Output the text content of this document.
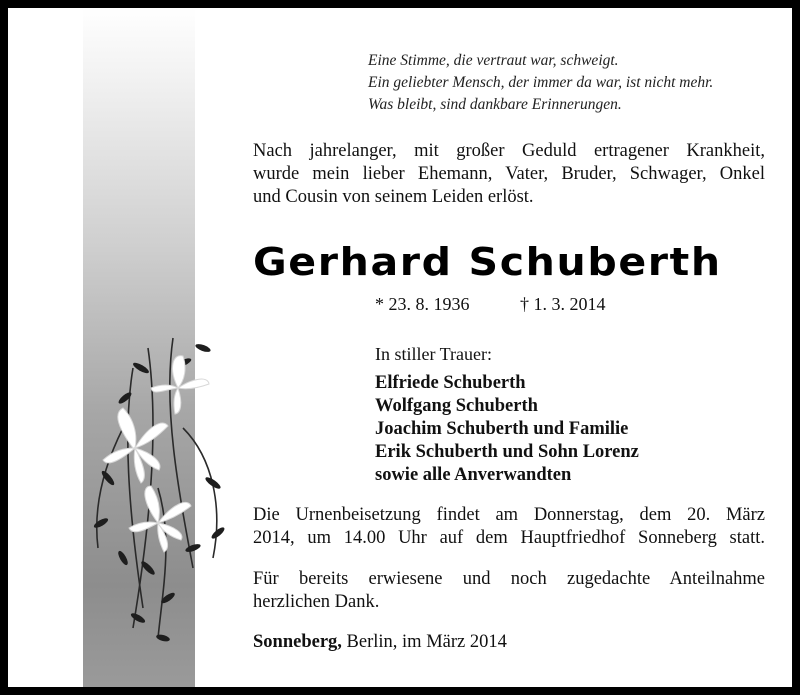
Eine Stimme, die vertraut war, schweigt.
Ein geliebter Mensch, der immer da war, ist nicht mehr.
Was bleibt, sind dankbare Erinnerungen.
Nach jahrelanger, mit großer Geduld ertragener Krankheit,
wurde mein lieber Ehemann, Vater, Bruder, Schwager, Onkel
und Cousin von seinem Leiden erlöst.
Gerhard Schuberth
* 23. 8. 1936	† 1. 3. 2014
In stiller Trauer:
Elfriede Schuberth
Wolfgang Schuberth
Joachim Schuberth und Familie
Erik Schuberth und Sohn Lorenz
sowie alle Anverwandten
Die Urnenbeisetzung findet am Donnerstag, dem 20. März
2014, um 14.00 Uhr auf dem Hauptfriedhof Sonneberg statt.
Für bereits erwiesene und noch zugedachte Anteilnahme
herzlichen Dank.
Sonneberg, Berlin, im März 2014
